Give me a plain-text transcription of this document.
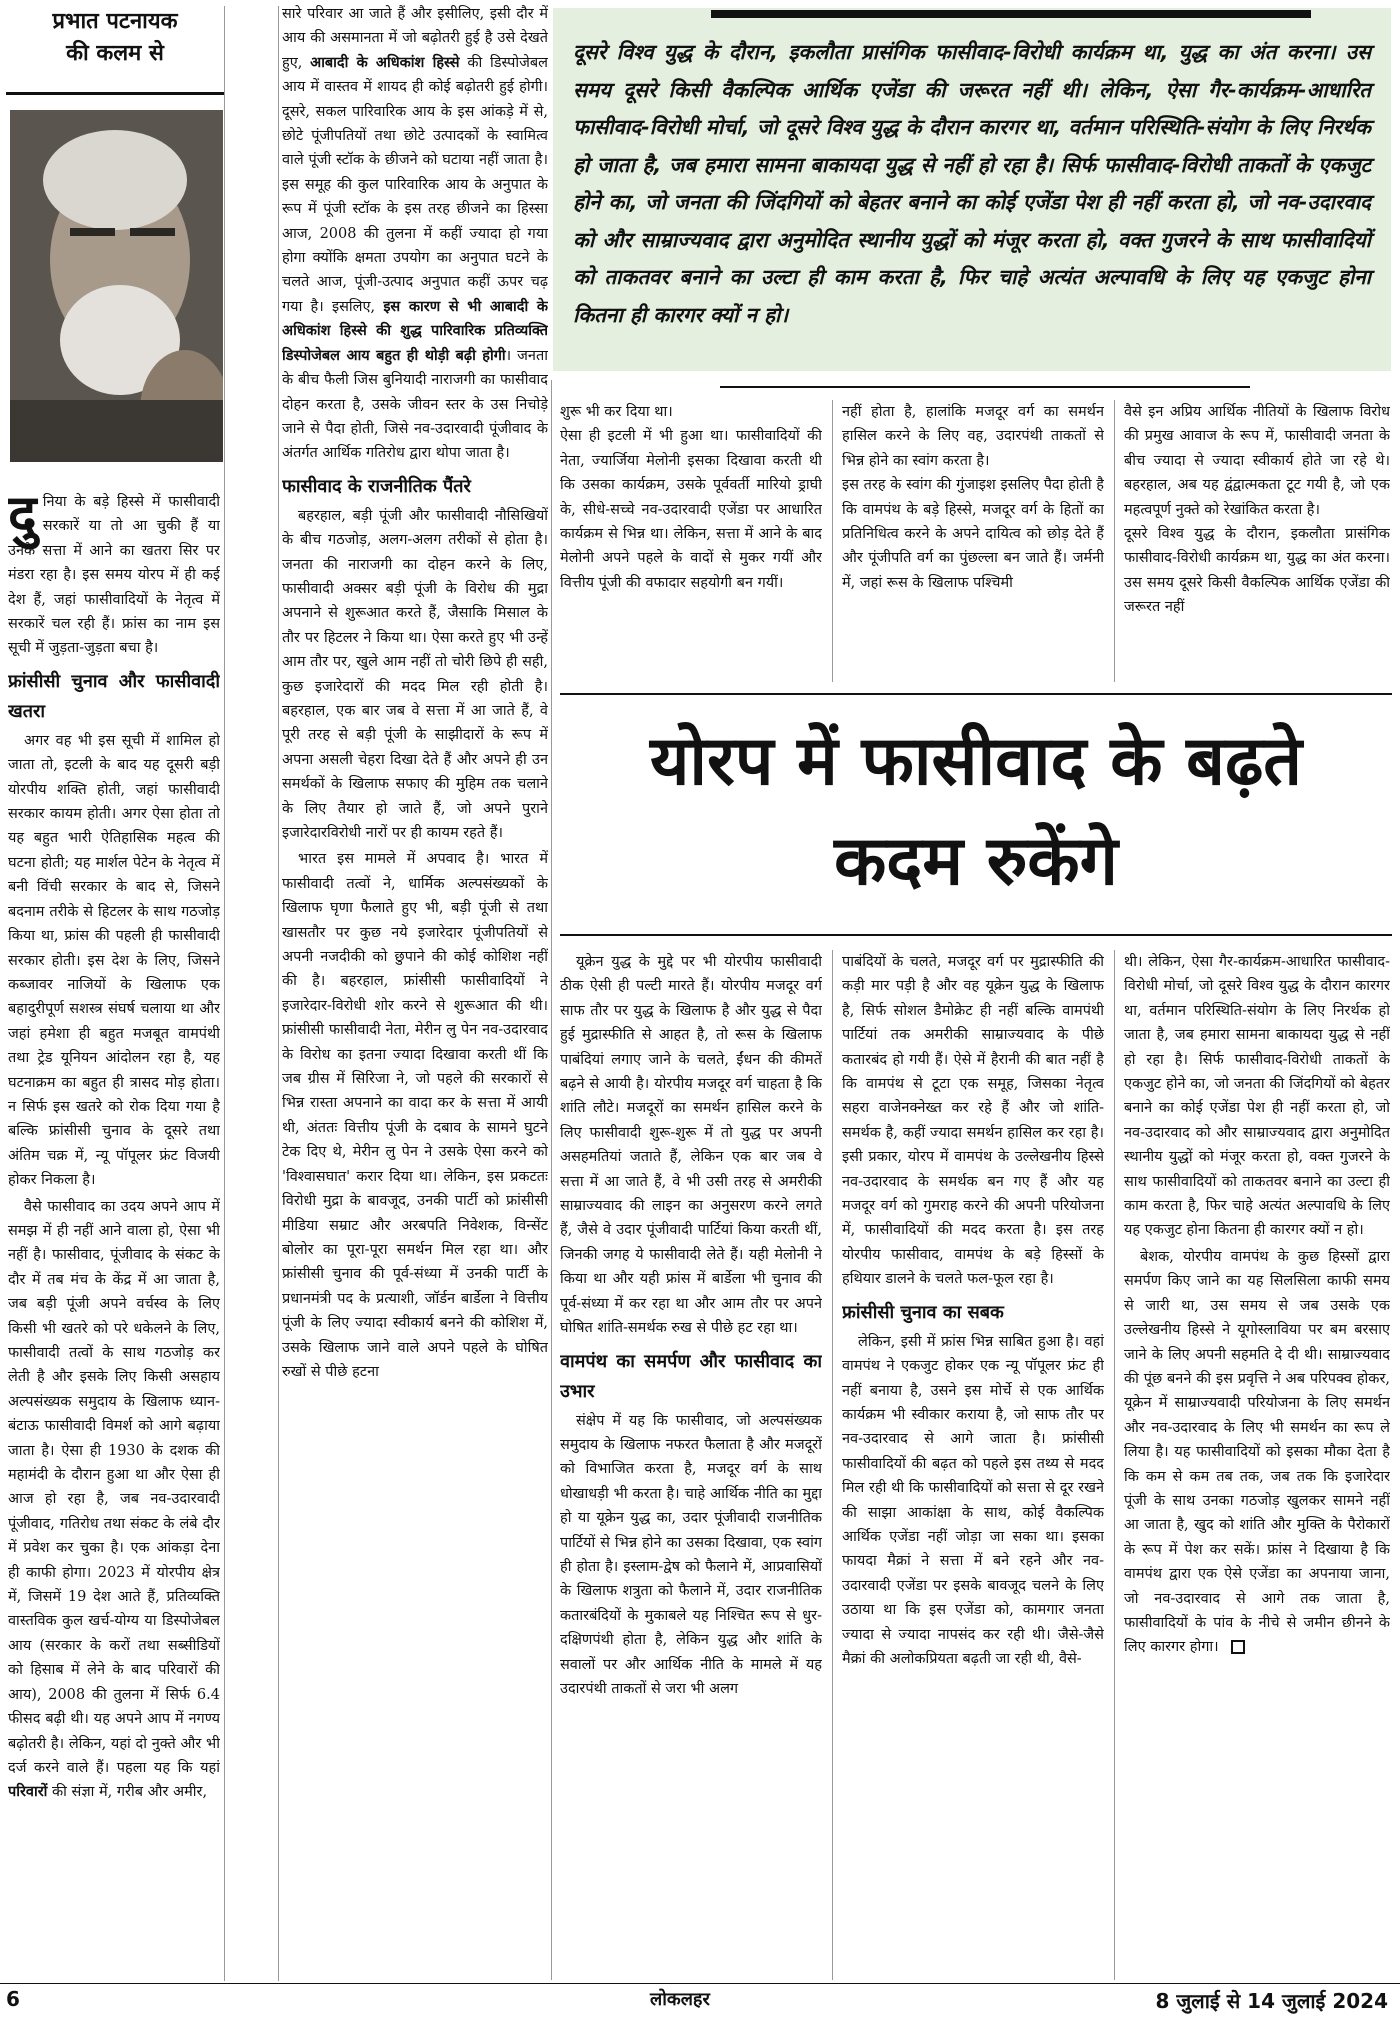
प्रभात पटनायक
की कलम से	दूसरे विश्व युद्ध के दौरान, इकलौता प्रासंगिक फासीवाद-विरोधी कार्यक्रम था, युद्ध का अंत करना। उस समय दूसरे किसी वैकल्पिक आर्थिक एजेंडा की जरूरत नहीं थी। लेकिन, ऐसा गैर-कार्यक्रम-आधारित फासीवाद-विरोधी मोर्चा, जो दूसरे विश्व युद्ध के दौरान कारगर था, वर्तमान परिस्थिति-संयोग के लिए निरर्थक हो जाता है, जब हमारा सामना बाकायदा युद्ध से नहीं हो रहा है। सिर्फ फासीवाद-विरोधी ताकतों के एकजुट होने का, जो जनता की जिंदगियों को बेहतर बनाने का कोई एजेंडा पेश ही नहीं करता हो, जो नव-उदारवाद को और साम्राज्यवाद द्वारा अनुमोदित स्थानीय युद्धों को मंजूर करता हो, वक्त गुजरने के साथ फासीवादियों को ताकतवर बनाने का उल्टा ही काम करता है, फिर चाहे अत्यंत अल्पावधि के लिए यह एकजुट होना कितना ही कारगर क्यों न हो।

दुनिया के बड़े हिस्से में फासीवादी सरकारें या तो आ चुकी हैं या उनके सत्ता में आने का खतरा सिर पर मंडरा रहा है। इस समय योरप में ही कई देश हैं, जहां फासीवादियों के नेतृत्व में सरकारें चल रही हैं। फ्रांस का नाम इस सूची में जुड़ता-जुड़ता बचा है।

फ्रांसीसी चुनाव और फासीवादी खतरा

अगर वह भी इस सूची में शामिल हो जाता तो, इटली के बाद यह दूसरी बड़ी योरपीय शक्ति होती, जहां फासीवादी सरकार कायम होती। अगर ऐसा होता तो यह बहुत भारी ऐतिहासिक महत्व की घटना होती; यह मार्शल पेटेन के नेतृत्व में बनी विंची सरकार के बाद से, जिसने बदनाम तरीके से हिटलर के साथ गठजोड़ किया था, फ्रांस की पहली ही फासीवादी सरकार होती। इस देश के लिए, जिसने कब्जावर नाजियों के खिलाफ एक बहादुरीपूर्ण सशस्त्र संघर्ष चलाया था और जहां हमेशा ही बहुत मजबूत वामपंथी तथा ट्रेड यूनियन आंदोलन रहा है, यह घटनाक्रम का बहुत ही त्रासद मोड़ होता। न सिर्फ इस खतरे को रोक दिया गया है बल्कि फ्रांसीसी चुनाव के दूसरे तथा अंतिम चक्र में, न्यू पॉपूलर फ्रंट विजयी होकर निकला है।

वैसे फासीवाद का उदय अपने आप में समझ में ही नहीं आने वाला हो, ऐसा भी नहीं है। फासीवाद, पूंजीवाद के संकट के दौर में तब मंच के केंद्र में आ जाता है, जब बड़ी पूंजी अपने वर्चस्व के लिए किसी भी खतरे को परे धकेलने के लिए, फासीवादी तत्वों के साथ गठजोड़ कर लेती है और इसके लिए किसी असहाय अल्पसंख्यक समुदाय के खिलाफ ध्यान-बंटाऊ फासीवादी विमर्श को आगे बढ़ाया जाता है। ऐसा ही 1930 के दशक की महामंदी के दौरान हुआ था और ऐसा ही आज हो रहा है, जब नव-उदारवादी पूंजीवाद, गतिरोध तथा संकट के लंबे दौर में प्रवेश कर चुका है। एक आंकड़ा देना ही काफी होगा। 2023 में योरपीय क्षेत्र में, जिसमें 19 देश आते हैं, प्रतिव्यक्ति वास्तविक कुल खर्च-योग्य या डिस्पोजेबल आय (सरकार के करों तथा सब्सीडियों को हिसाब में लेने के बाद परिवारों की आय), 2008 की तुलना में सिर्फ 6.4 फीसद बढ़ी थी। यह अपने आप में नगण्य बढ़ोतरी है। लेकिन, यहां दो नुक्ते और भी दर्ज करने वाले हैं। पहला यह कि यहां परिवारों की संज्ञा में, गरीब और अमीर,

सारे परिवार आ जाते हैं और इसीलिए, इसी दौर में आय की असमानता में जो बढ़ोतरी हुई है उसे देखते हुए, आबादी के अधिकांश हिस्से की डिस्पोजेबल आय में वास्तव में शायद ही कोई बढ़ोतरी हुई होगी। दूसरे, सकल पारिवारिक आय के इस आंकड़े में से, छोटे पूंजीपतियों तथा छोटे उत्पादकों के स्वामित्व वाले पूंजी स्टॉक के छीजने को घटाया नहीं जाता है। इस समूह की कुल पारिवारिक आय के अनुपात के रूप में पूंजी स्टॉक के इस तरह छीजने का हिस्सा आज, 2008 की तुलना में कहीं ज्यादा हो गया होगा क्योंकि क्षमता उपयोग का अनुपात घटने के चलते आज, पूंजी-उत्पाद अनुपात कहीं ऊपर चढ़ गया है। इसलिए, इस कारण से भी आबादी के अधिकांश हिस्से की शुद्ध पारिवारिक प्रतिव्यक्ति डिस्पोजेबल आय बहुत ही थोड़ी बढ़ी होगी। जनता के बीच फैली जिस बुनियादी नाराजगी का फासीवाद दोहन करता है, उसके जीवन स्तर के उस निचोड़े जाने से पैदा होती, जिसे नव-उदारवादी पूंजीवाद के अंतर्गत आर्थिक गतिरोध द्वारा थोपा जाता है।

फासीवाद के राजनीतिक पैंतरे

बहरहाल, बड़ी पूंजी और फासीवादी नौसिखियों के बीच गठजोड़, अलग-अलग तरीकों से होता है। जनता की नाराजगी का दोहन करने के लिए, फासीवादी अक्सर बड़ी पूंजी के विरोध की मुद्रा अपनाने से शुरूआत करते हैं, जैसाकि मिसाल के तौर पर हिटलर ने किया था। ऐसा करते हुए भी उन्हें आम तौर पर, खुले आम नहीं तो चोरी छिपे ही सही, कुछ इजारेदारों की मदद मिल रही होती है। बहरहाल, एक बार जब वे सत्ता में आ जाते हैं, वे पूरी तरह से बड़ी पूंजी के साझीदारों के रूप में अपना असली चेहरा दिखा देते हैं और अपने ही उन समर्थकों के खिलाफ सफाए की मुहिम तक चलाने के लिए तैयार हो जाते हैं, जो अपने पुराने इजारेदारविरोधी नारों पर ही कायम रहते हैं।

भारत इस मामले में अपवाद है। भारत में फासीवादी तत्वों ने, धार्मिक अल्पसंख्यकों के खिलाफ घृणा फैलाते हुए भी, बड़ी पूंजी से तथा खासतौर पर कुछ नये इजारेदार पूंजीपतियों से अपनी नजदीकी को छुपाने की कोई कोशिश नहीं की है। बहरहाल, फ्रांसीसी फासीवादियों ने इजारेदार-विरोधी शोर करने से शुरूआत की थी। फ्रांसीसी फासीवादी नेता, मेरीन लु पेन नव-उदारवाद के विरोध का इतना ज्यादा दिखावा करती थीं कि जब ग्रीस में सिरिजा ने, जो पहले की सरकारों से भिन्न रास्ता अपनाने का वादा कर के सत्ता में आयी थी, अंततः वित्तीय पूंजी के दबाव के सामने घुटने टेक दिए थे, मेरीन लु पेन ने उसके ऐसा करने को 'विश्वासघात' करार दिया था। लेकिन, इस प्रकटतः विरोधी मुद्रा के बावजूद, उनकी पार्टी को फ्रांसीसी मीडिया सम्राट और अरबपति निवेशक, विन्सेंट बोलोर का पूरा-पूरा समर्थन मिल रहा था। और फ्रांसीसी चुनाव की पूर्व-संध्या में उनकी पार्टी के प्रधानमंत्री पद के प्रत्याशी, जॉर्डन बार्डेला ने वित्तीय पूंजी के लिए ज्यादा स्वीकार्य बनने की कोशिश में, उसके खिलाफ जाने वाले अपने पहले के घोषित रुखों से पीछे हटना

शुरू भी कर दिया था।
ऐसा ही इटली में भी हुआ था। फासीवादियों की नेता, ज्यार्जिया मेलोनी इसका दिखावा करती थी कि उसका कार्यक्रम, उसके पूर्ववर्ती मारियो ड्राघी के, सीधे-सच्चे नव-उदारवादी एजेंडा पर आधारित कार्यक्रम से भिन्न था। लेकिन, सत्ता में आने के बाद मेलोनी अपने पहले के वादों से मुकर गयीं और वित्तीय पूंजी की वफादार सहयोगी बन गयीं।
नहीं होता है, हालांकि मजदूर वर्ग का समर्थन हासिल करने के लिए वह, उदारपंथी ताकतों से भिन्न होने का स्वांग करता है।
इस तरह के स्वांग की गुंजाइश इसलिए पैदा होती है कि वामपंथ के बड़े हिस्से, मजदूर वर्ग के हितों का प्रतिनिधित्व करने के अपने दायित्व को छोड़ देते हैं और पूंजीपति वर्ग का पुंछल्ला बन जाते हैं। जर्मनी में, जहां रूस के खिलाफ पश्चिमी
वैसे इन अप्रिय आर्थिक नीतियों के खिलाफ विरोध की प्रमुख आवाज के रूप में, फासीवादी जनता के बीच ज्यादा से ज्यादा स्वीकार्य होते जा रहे थे। बहरहाल, अब यह द्वंद्वात्मकता टूट गयी है, जो एक महत्वपूर्ण नुक्ते को रेखांकित करता है।
दूसरे विश्व युद्ध के दौरान, इकलौता प्रासंगिक फासीवाद-विरोधी कार्यक्रम था, युद्ध का अंत करना। उस समय दूसरे किसी वैकल्पिक आर्थिक एजेंडा की जरूरत नहीं
योरप में फासीवाद के बढ़ते
कदम रुकेंगे

यूक्रेन युद्ध के मुद्दे पर भी योरपीय फासीवादी ठीक ऐसी ही पल्टी मारते हैं। योरपीय मजदूर वर्ग साफ तौर पर युद्ध के खिलाफ है और युद्ध से पैदा हुई मुद्रास्फीति से आहत है, तो रूस के खिलाफ पाबंदियां लगाए जाने के चलते, ईंधन की कीमतें बढ़ने से आयी है। योरपीय मजदूर वर्ग चाहता है कि शांति लौटे। मजदूरों का समर्थन हासिल करने के लिए फासीवादी शुरू-शुरू में तो युद्ध पर अपनी असहमतियां जताते हैं, लेकिन एक बार जब वे सत्ता में आ जाते हैं, वे भी उसी तरह से अमरीकी साम्राज्यवाद की लाइन का अनुसरण करने लगते हैं, जैसे वे उदार पूंजीवादी पार्टियां किया करती थीं, जिनकी जगह ये फासीवादी लेते हैं। यही मेलोनी ने किया था और यही फ्रांस में बार्डेला भी चुनाव की पूर्व-संध्या में कर रहा था और आम तौर पर अपने घोषित शांति-समर्थक रुख से पीछे हट रहा था।

वामपंथ का समर्पण और फासीवाद का उभार

संक्षेप में यह कि फासीवाद, जो अल्पसंख्यक समुदाय के खिलाफ नफरत फैलाता है और मजदूरों को विभाजित करता है, मजदूर वर्ग के साथ धोखाधड़ी भी करता है। चाहे आर्थिक नीति का मुद्दा हो या यूक्रेन युद्ध का, उदार पूंजीवादी राजनीतिक पार्टियों से भिन्न होने का उसका दिखावा, एक स्वांग ही होता है। इस्लाम-द्वेष को फैलाने में, आप्रवासियों के खिलाफ शत्रुता को फैलाने में, उदार राजनीतिक कतारबंदियों के मुकाबले यह निश्चित रूप से धुर-दक्षिणपंथी होता है, लेकिन युद्ध और शांति के सवालों पर और आर्थिक नीति के मामले में यह उदारपंथी ताकतों से जरा भी अलग

पाबंदियों के चलते, मजदूर वर्ग पर मुद्रास्फीति की कड़ी मार पड़ी है और वह यूक्रेन युद्ध के खिलाफ है, सिर्फ सोशल डैमोक्रेट ही नहीं बल्कि वामपंथी पार्टियां तक अमरीकी साम्राज्यवाद के पीछे कतारबंद हो गयी हैं। ऐसे में हैरानी की बात नहीं है कि वामपंथ से टूटा एक समूह, जिसका नेतृत्व सहरा वाजेनक्नेख्त कर रहे हैं और जो शांति-समर्थक है, कहीं ज्यादा समर्थन हासिल कर रहा है। इसी प्रकार, योरप में वामपंथ के उल्लेखनीय हिस्से नव-उदारवाद के समर्थक बन गए हैं और यह मजदूर वर्ग को गुमराह करने की अपनी परियोजना में, फासीवादियों की मदद करता है। इस तरह योरपीय फासीवाद, वामपंथ के बड़े हिस्सों के हथियार डालने के चलते फल-फूल रहा है।

फ्रांसीसी चुनाव का सबक

लेकिन, इसी में फ्रांस भिन्न साबित हुआ है। वहां वामपंथ ने एकजुट होकर एक न्यू पॉपूलर फ्रंट ही नहीं बनाया है, उसने इस मोर्चे से एक आर्थिक कार्यक्रम भी स्वीकार कराया है, जो साफ तौर पर नव-उदारवाद से आगे जाता है। फ्रांसीसी फासीवादियों की बढ़त को पहले इस तथ्य से मदद मिल रही थी कि फासीवादियों को सत्ता से दूर रखने की साझा आकांक्षा के साथ, कोई वैकल्पिक आर्थिक एजेंडा नहीं जोड़ा जा सका था। इसका फायदा मैक्रां ने सत्ता में बने रहने और नव-उदारवादी एजेंडा पर इसके बावजूद चलने के लिए उठाया था कि इस एजेंडा को, कामगार जनता ज्यादा से ज्यादा नापसंद कर रही थी। जैसे-जैसे मैक्रां की अलोकप्रियता बढ़ती जा रही थी, वैसे-

थी। लेकिन, ऐसा गैर-कार्यक्रम-आधारित फासीवाद-विरोधी मोर्चा, जो दूसरे विश्व युद्ध के दौरान कारगर था, वर्तमान परिस्थिति-संयोग के लिए निरर्थक हो जाता है, जब हमारा सामना बाकायदा युद्ध से नहीं हो रहा है। सिर्फ फासीवाद-विरोधी ताकतों के एकजुट होने का, जो जनता की जिंदगियों को बेहतर बनाने का कोई एजेंडा पेश ही नहीं करता हो, जो नव-उदारवाद को और साम्राज्यवाद द्वारा अनुमोदित स्थानीय युद्धों को मंजूर करता हो, वक्त गुजरने के साथ फासीवादियों को ताकतवर बनाने का उल्टा ही काम करता है, फिर चाहे अत्यंत अल्पावधि के लिए यह एकजुट होना कितना ही कारगर क्यों न हो।

बेशक, योरपीय वामपंथ के कुछ हिस्सों द्वारा समर्पण किए जाने का यह सिलसिला काफी समय से जारी था, उस समय से जब उसके एक उल्लेखनीय हिस्से ने यूगोस्लाविया पर बम बरसाए जाने के लिए अपनी सहमति दे दी थी। साम्राज्यवाद की पूंछ बनने की इस प्रवृत्ति ने अब परिपक्व होकर, यूक्रेन में साम्राज्यवादी परियोजना के लिए समर्थन और नव-उदारवाद के लिए भी समर्थन का रूप ले लिया है। यह फासीवादियों को इसका मौका देता है कि कम से कम तब तक, जब तक कि इजारेदार पूंजी के साथ उनका गठजोड़ खुलकर सामने नहीं आ जाता है, खुद को शांति और मुक्ति के पैरोकारों के रूप में पेश कर सकें। फ्रांस ने दिखाया है कि वामपंथ द्वारा एक ऐसे एजेंडा का अपनाया जाना, जो नव-उदारवाद से आगे तक जाता है, फासीवादियों के पांव के नीचे से जमीन छीनने के लिए कारगर होगा।

6	लोकलहर	8 जुलाई से 14 जुलाई 2024
